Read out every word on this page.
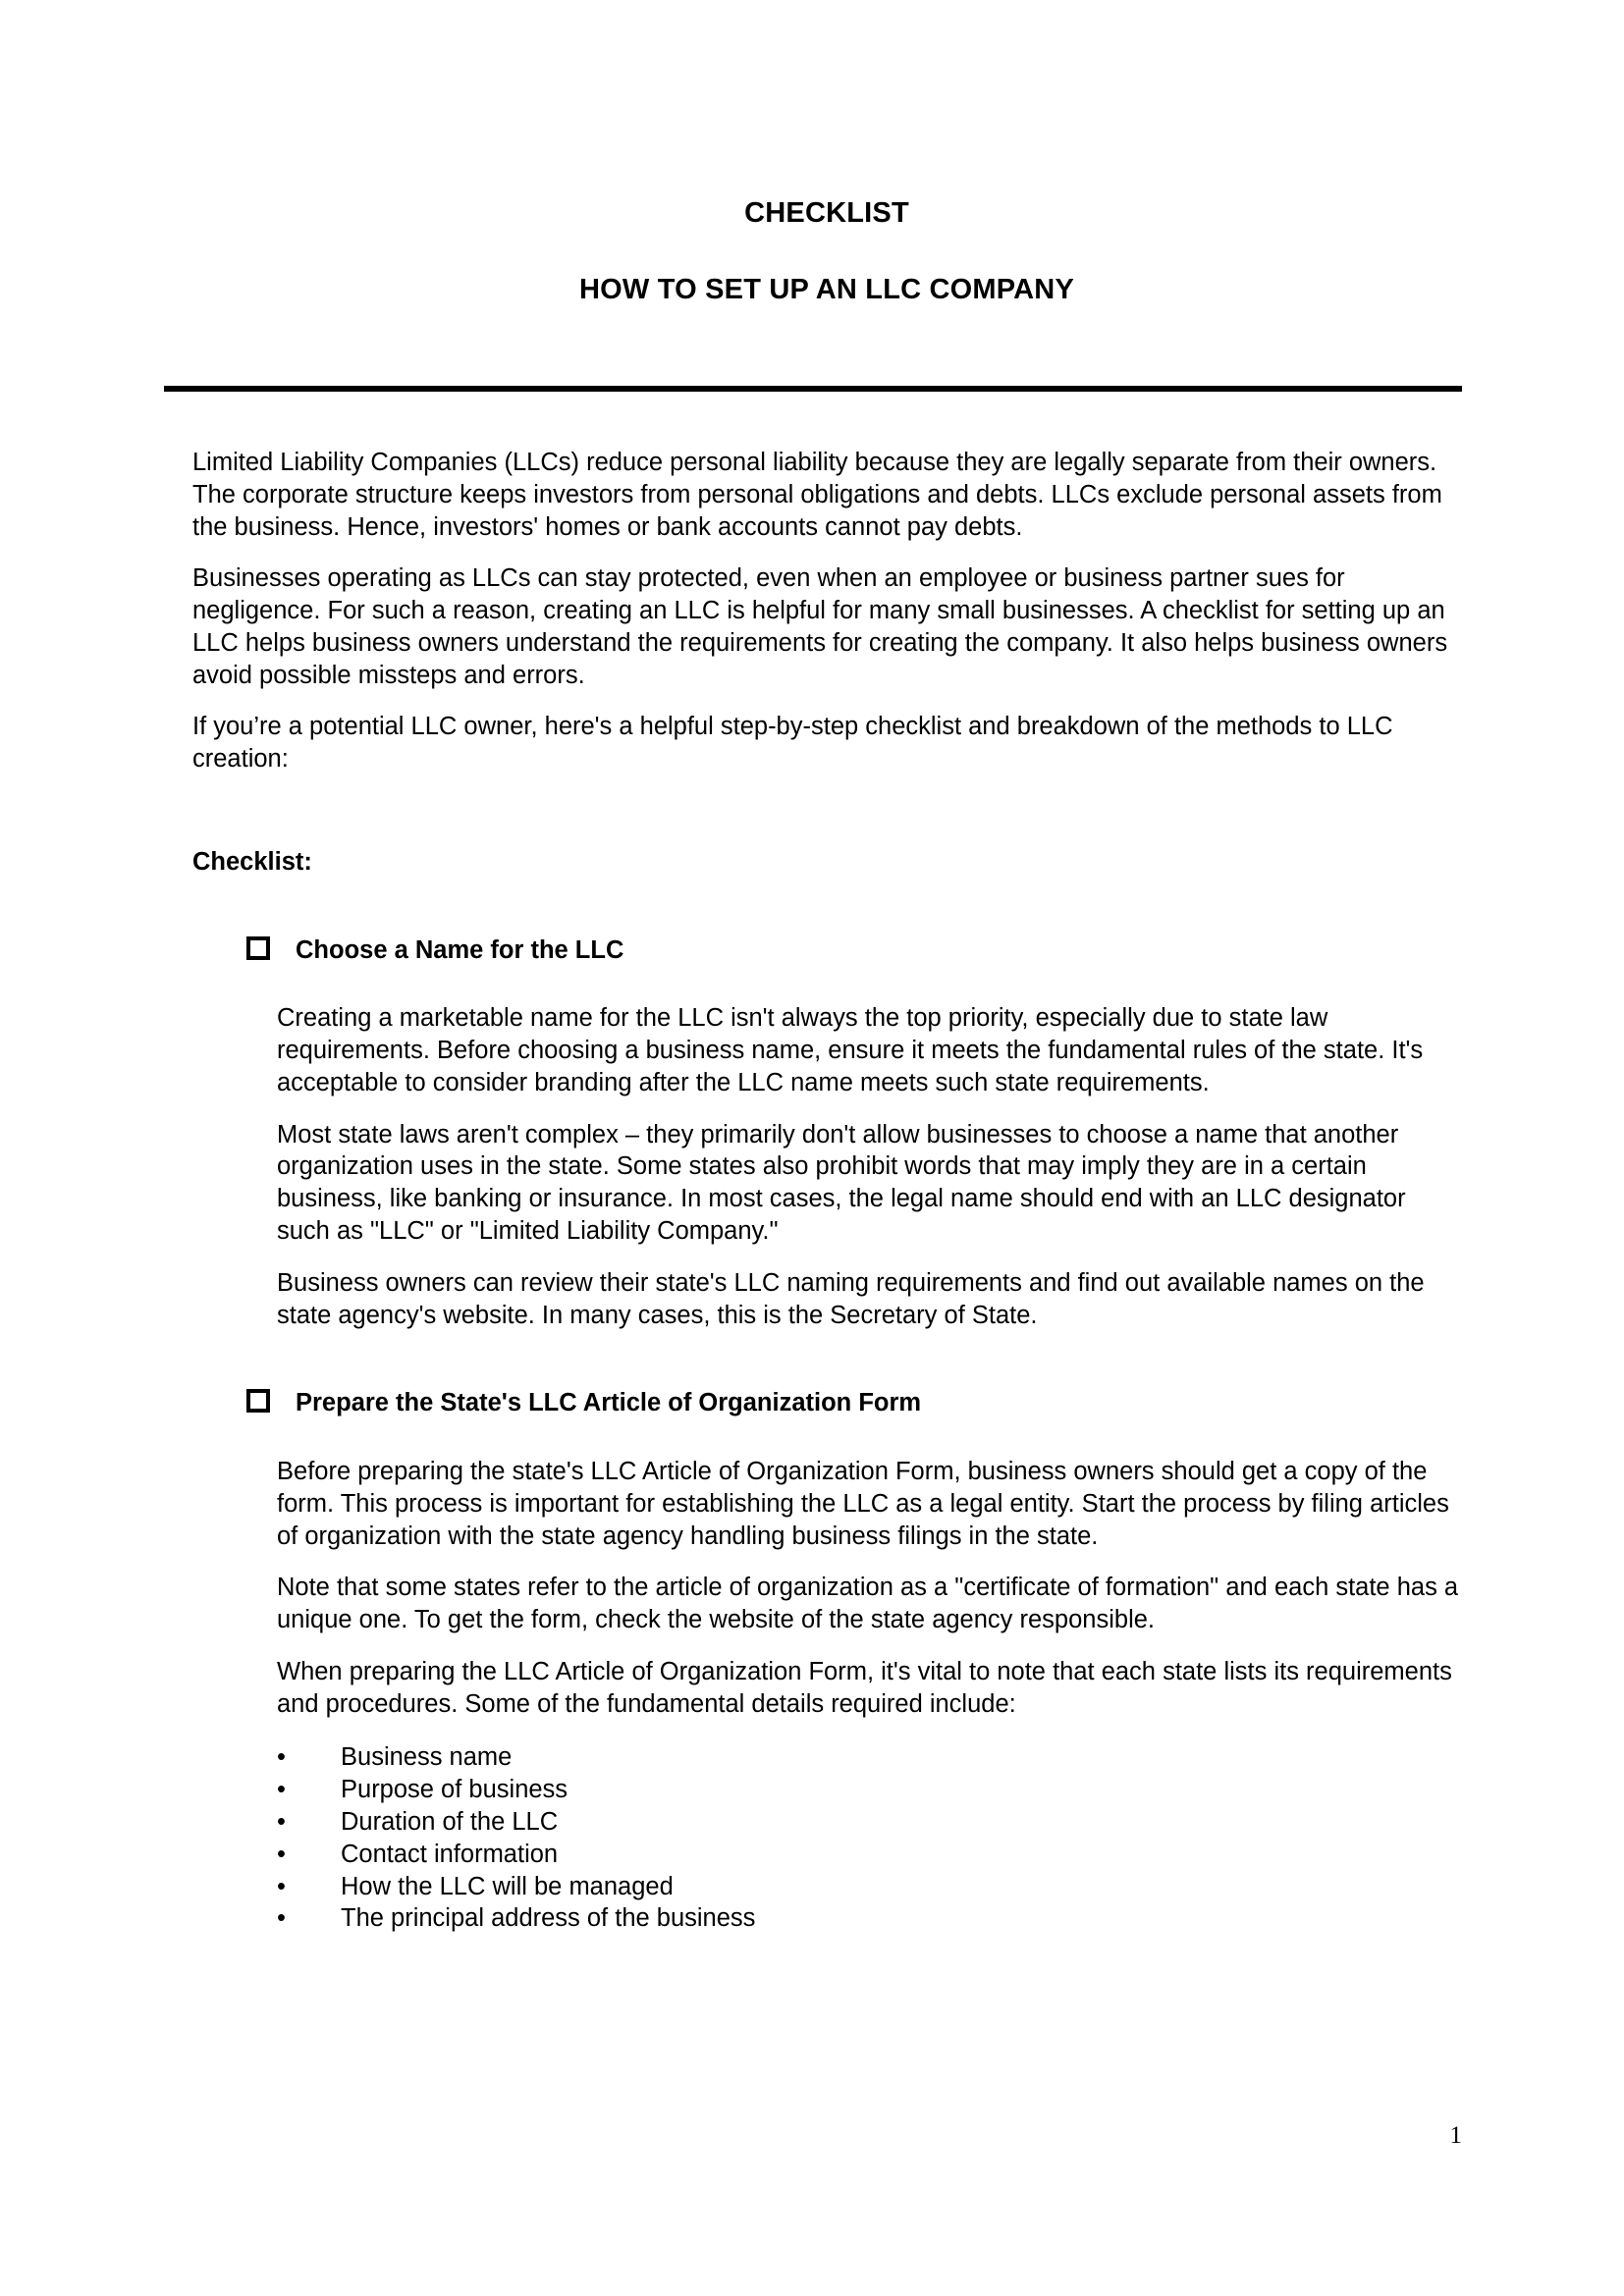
CHECKLIST
HOW TO SET UP AN LLC COMPANY

Limited Liability Companies (LLCs) reduce personal liability because they are legally separate from their owners. The corporate structure keeps investors from personal obligations and debts. LLCs exclude personal assets from the business. Hence, investors' homes or bank accounts cannot pay debts.

Businesses operating as LLCs can stay protected, even when an employee or business partner sues for negligence. For such a reason, creating an LLC is helpful for many small businesses. A checklist for setting up an LLC helps business owners understand the requirements for creating the company. It also helps business owners avoid possible missteps and errors.

If you’re a potential LLC owner, here's a helpful step-by-step checklist and breakdown of the methods to LLC creation:

Checklist:

Choose a Name for the LLC

Creating a marketable name for the LLC isn't always the top priority, especially due to state law requirements. Before choosing a business name, ensure it meets the fundamental rules of the state. It's acceptable to consider branding after the LLC name meets such state requirements.

Most state laws aren't complex – they primarily don't allow businesses to choose a name that another organization uses in the state. Some states also prohibit words that may imply they are in a certain business, like banking or insurance. In most cases, the legal name should end with an LLC designator such as "LLC" or "Limited Liability Company."

Business owners can review their state's LLC naming requirements and find out available names on the state agency's website. In many cases, this is the Secretary of State.

Prepare the State's LLC Article of Organization Form

Before preparing the state's LLC Article of Organization Form, business owners should get a copy of the form. This process is important for establishing the LLC as a legal entity. Start the process by filing articles of organization with the state agency handling business filings in the state.

Note that some states refer to the article of organization as a "certificate of formation" and each state has a unique one. To get the form, check the website of the state agency responsible.

When preparing the LLC Article of Organization Form, it's vital to note that each state lists its requirements and procedures. Some of the fundamental details required include:

•	Business name
•	Purpose of business
•	Duration of the LLC
•	Contact information
•	How the LLC will be managed
•	The principal address of the business
1
